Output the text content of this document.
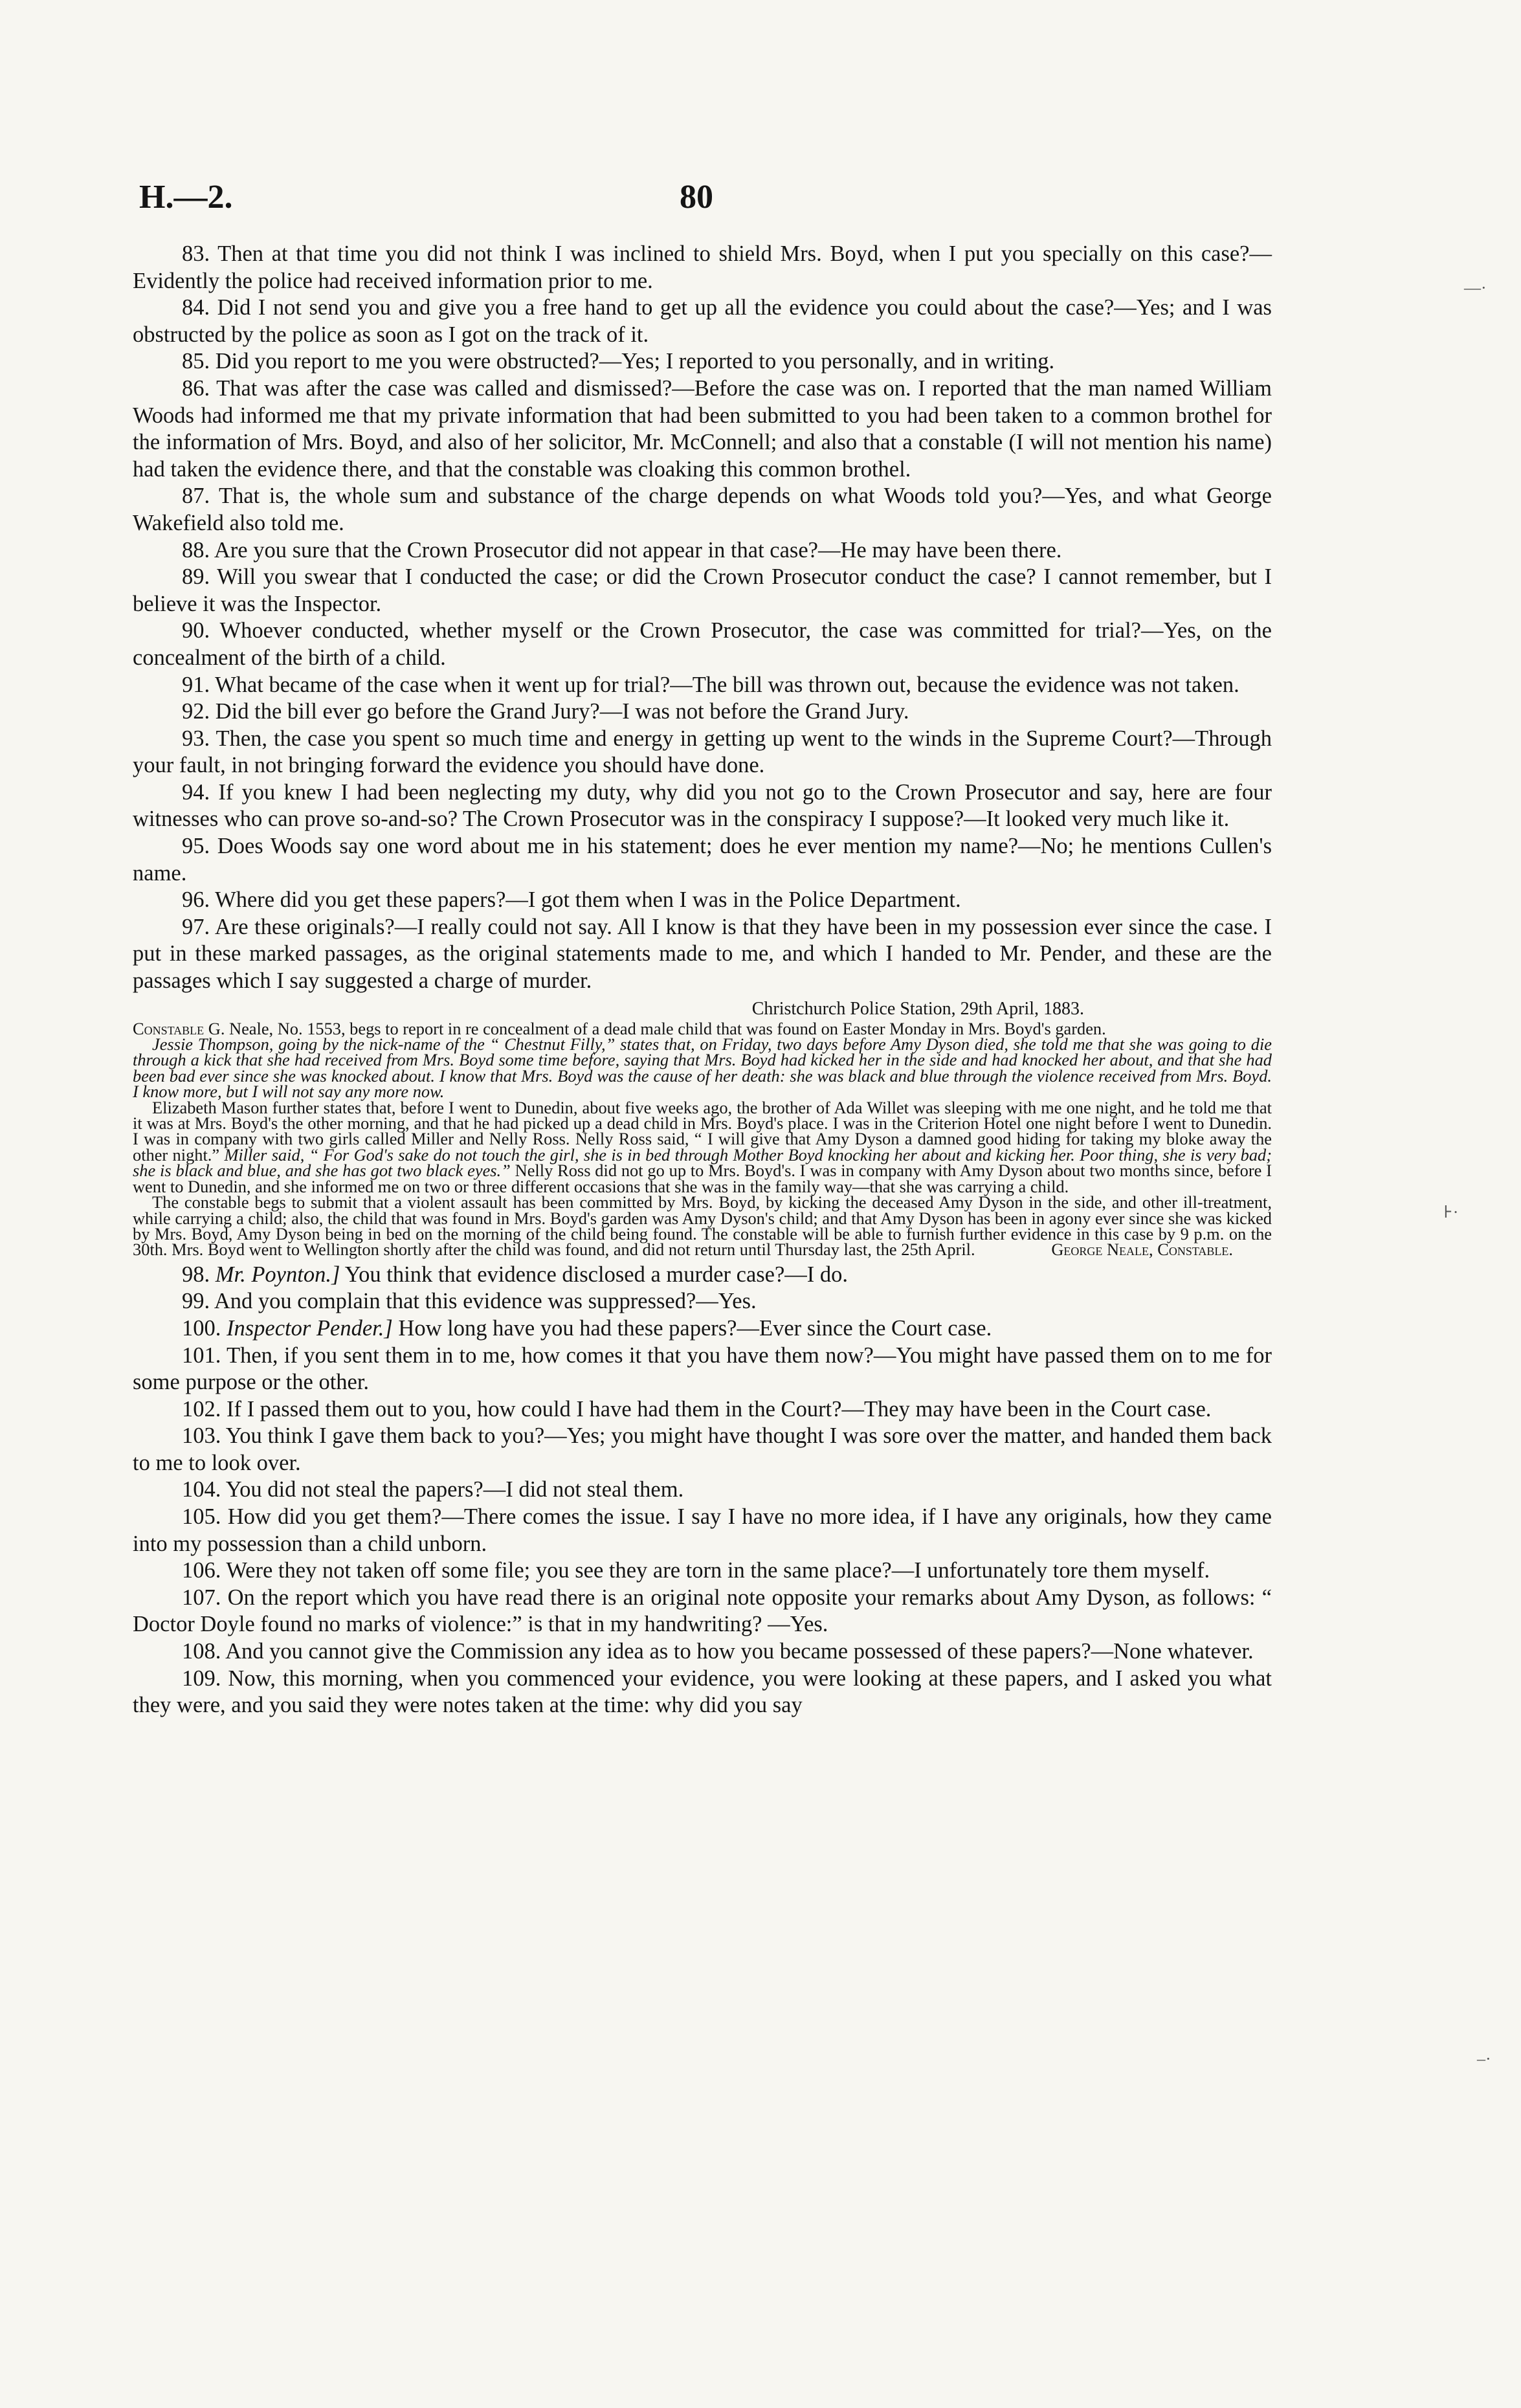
H.—2.	80
—·
⊦·
–·

83. Then at that time you did not think I was inclined to shield Mrs. Boyd, when I put you specially on this case?—Evidently the police had received information prior to me.

84. Did I not send you and give you a free hand to get up all the evidence you could about the case?—Yes; and I was obstructed by the police as soon as I got on the track of it.

85. Did you report to me you were obstructed?—Yes; I reported to you personally, and in writing.

86. That was after the case was called and dismissed?—Before the case was on. I reported that the man named William Woods had informed me that my private information that had been submitted to you had been taken to a common brothel for the information of Mrs. Boyd, and also of her solicitor, Mr. McConnell; and also that a constable (I will not mention his name) had taken the evidence there, and that the constable was cloaking this common brothel.

87. That is, the whole sum and substance of the charge depends on what Woods told you?—Yes, and what George Wakefield also told me.

88. Are you sure that the Crown Prosecutor did not appear in that case?—He may have been there.

89. Will you swear that I conducted the case; or did the Crown Prosecutor conduct the case? I cannot remember, but I believe it was the Inspector.

90. Whoever conducted, whether myself or the Crown Prosecutor, the case was committed for trial?—Yes, on the concealment of the birth of a child.

91. What became of the case when it went up for trial?—The bill was thrown out, because the evidence was not taken.

92. Did the bill ever go before the Grand Jury?—I was not before the Grand Jury.

93. Then, the case you spent so much time and energy in getting up went to the winds in the Supreme Court?—Through your fault, in not bringing forward the evidence you should have done.

94. If you knew I had been neglecting my duty, why did you not go to the Crown Prosecutor and say, here are four witnesses who can prove so-and-so? The Crown Prosecutor was in the conspiracy I suppose?—It looked very much like it.

95. Does Woods say one word about me in his statement; does he ever mention my name?—No; he mentions Cullen's name.

96. Where did you get these papers?—I got them when I was in the Police Department.

97. Are these originals?—I really could not say. All I know is that they have been in my possession ever since the case. I put in these marked passages, as the original statements made to me, and which I handed to Mr. Pender, and these are the passages which I say suggested a charge of murder.

Christchurch Police Station, 29th April, 1883.

Constable G. Neale, No. 1553, begs to report in re concealment of a dead male child that was found on Easter Monday in Mrs. Boyd's garden.

Jessie Thompson, going by the nick-name of the “ Chestnut Filly,” states that, on Friday, two days before Amy Dyson died, she told me that she was going to die through a kick that she had received from Mrs. Boyd some time before, saying that Mrs. Boyd had kicked her in the side and had knocked her about, and that she had been bad ever since she was knocked about. I know that Mrs. Boyd was the cause of her death: she was black and blue through the violence received from Mrs. Boyd. I know more, but I will not say any more now.

Elizabeth Mason further states that, before I went to Dunedin, about five weeks ago, the brother of Ada Willet was sleeping with me one night, and he told me that it was at Mrs. Boyd's the other morning, and that he had picked up a dead child in Mrs. Boyd's place. I was in the Criterion Hotel one night before I went to Dunedin. I was in company with two girls called Miller and Nelly Ross. Nelly Ross said, “ I will give that Amy Dyson a damned good hiding for taking my bloke away the other night.” Miller said, “ For God's sake do not touch the girl, she is in bed through Mother Boyd knocking her about and kicking her. Poor thing, she is very bad; she is black and blue, and she has got two black eyes.” Nelly Ross did not go up to Mrs. Boyd's. I was in company with Amy Dyson about two months since, before I went to Dunedin, and she informed me on two or three different occasions that she was in the family way—that she was carrying a child.

The constable begs to submit that a violent assault has been committed by Mrs. Boyd, by kicking the deceased Amy Dyson in the side, and other ill-treatment, while carrying a child; also, the child that was found in Mrs. Boyd's garden was Amy Dyson's child; and that Amy Dyson has been in agony ever since she was kicked by Mrs. Boyd, Amy Dyson being in bed on the morning of the child being found. The constable will be able to furnish further evidence in this case by 9 p.m. on the 30th. Mrs. Boyd went to Wellington shortly after the child was found, and did not return until Thursday last, the 25th April.	George Neale, Constable.

98. Mr. Poynton.] You think that evidence disclosed a murder case?—I do.

99. And you complain that this evidence was suppressed?—Yes.

100. Inspector Pender.] How long have you had these papers?—Ever since the Court case.

101. Then, if you sent them in to me, how comes it that you have them now?—You might have passed them on to me for some purpose or the other.

102. If I passed them out to you, how could I have had them in the Court?—They may have been in the Court case.

103. You think I gave them back to you?—Yes; you might have thought I was sore over the matter, and handed them back to me to look over.

104. You did not steal the papers?—I did not steal them.

105. How did you get them?—There comes the issue. I say I have no more idea, if I have any originals, how they came into my possession than a child unborn.

106. Were they not taken off some file; you see they are torn in the same place?—I unfortunately tore them myself.

107. On the report which you have read there is an original note opposite your remarks about Amy Dyson, as follows: “ Doctor Doyle found no marks of violence:” is that in my handwriting? —Yes.

108. And you cannot give the Commission any idea as to how you became possessed of these papers?—None whatever.

109. Now, this morning, when you commenced your evidence, you were looking at these papers, and I asked you what they were, and you said they were notes taken at the time: why did you say
